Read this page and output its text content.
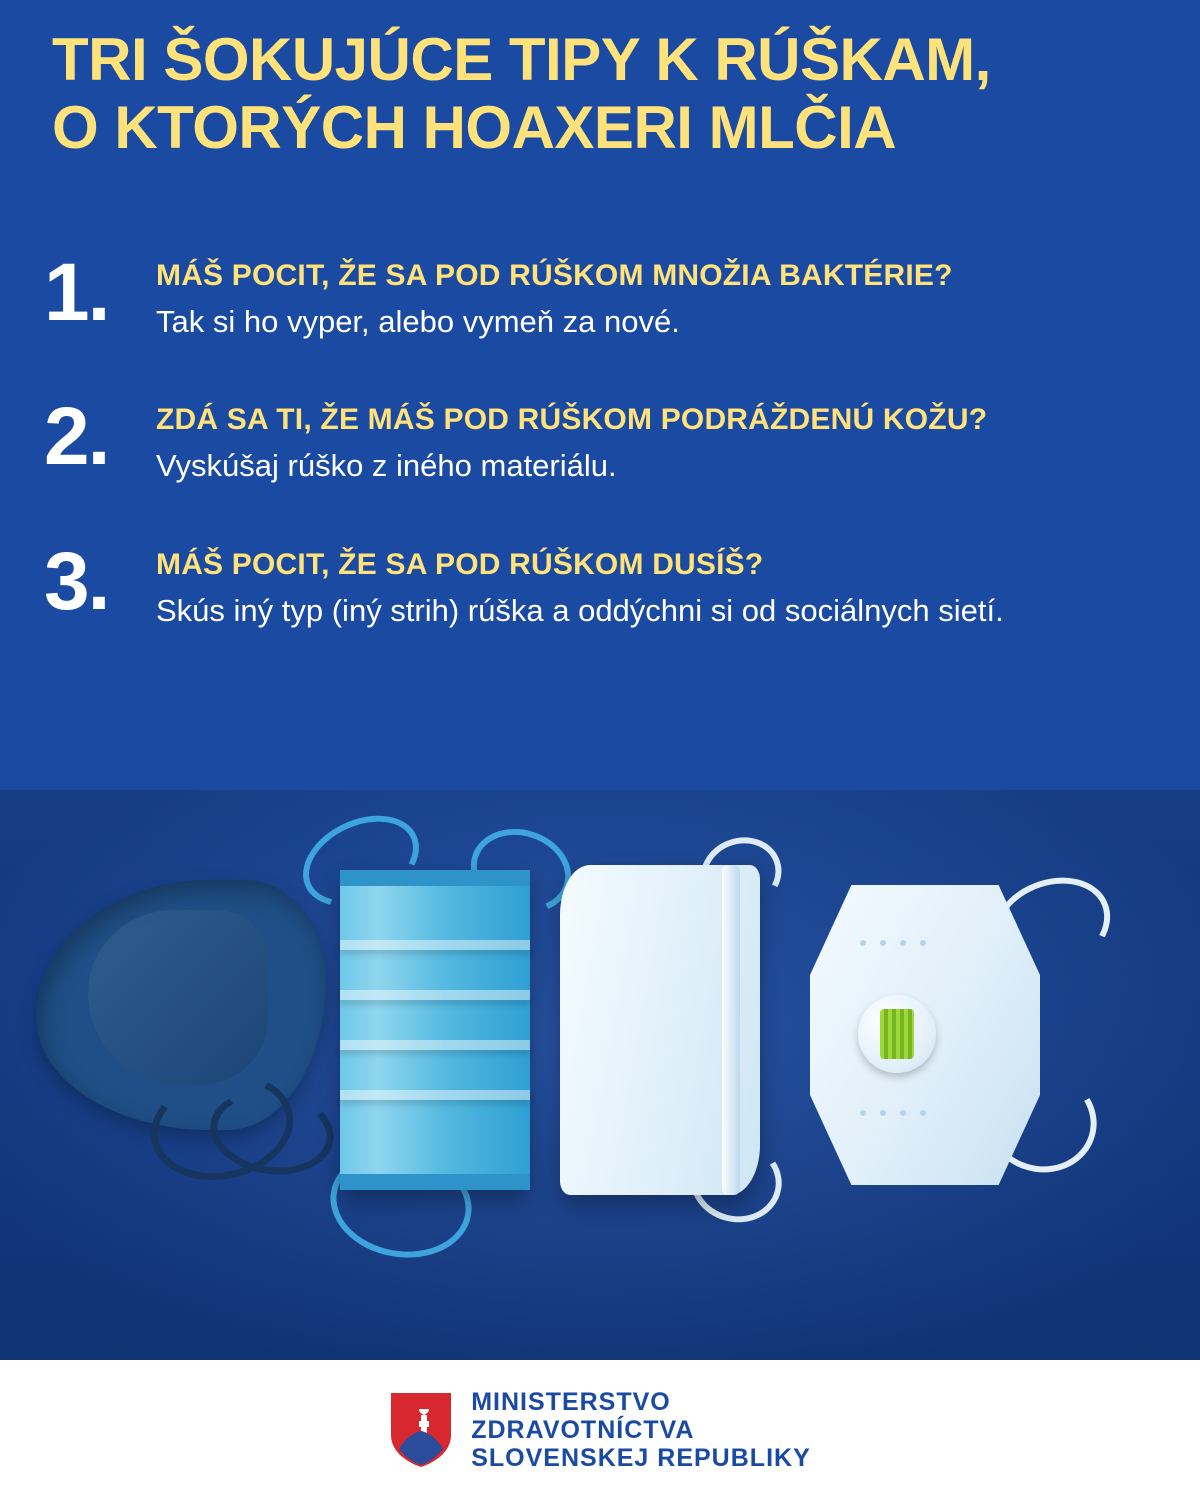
TRI ŠOKUJÚCE TIPY K RÚŠKAM,
O KTORÝCH HOAXERI MLČIA
1.	MÁŠ POCIT, ŽE SA POD RÚŠKOM MNOŽIA BAKTÉRIE?
Tak si ho vyper, alebo vymeň za nové.
2.	ZDÁ SA TI, ŽE MÁŠ POD RÚŠKOM PODRÁŽDENÚ KOŽU?
Vyskúšaj rúško z iného materiálu.
3.	MÁŠ POCIT, ŽE SA POD RÚŠKOM DUSÍŠ?
Skús iný typ (iný strih) rúška a oddýchni si od sociálnych sietí.
MINISTERSTVO
ZDRAVOTNÍCTVA
SLOVENSKEJ REPUBLIKY
